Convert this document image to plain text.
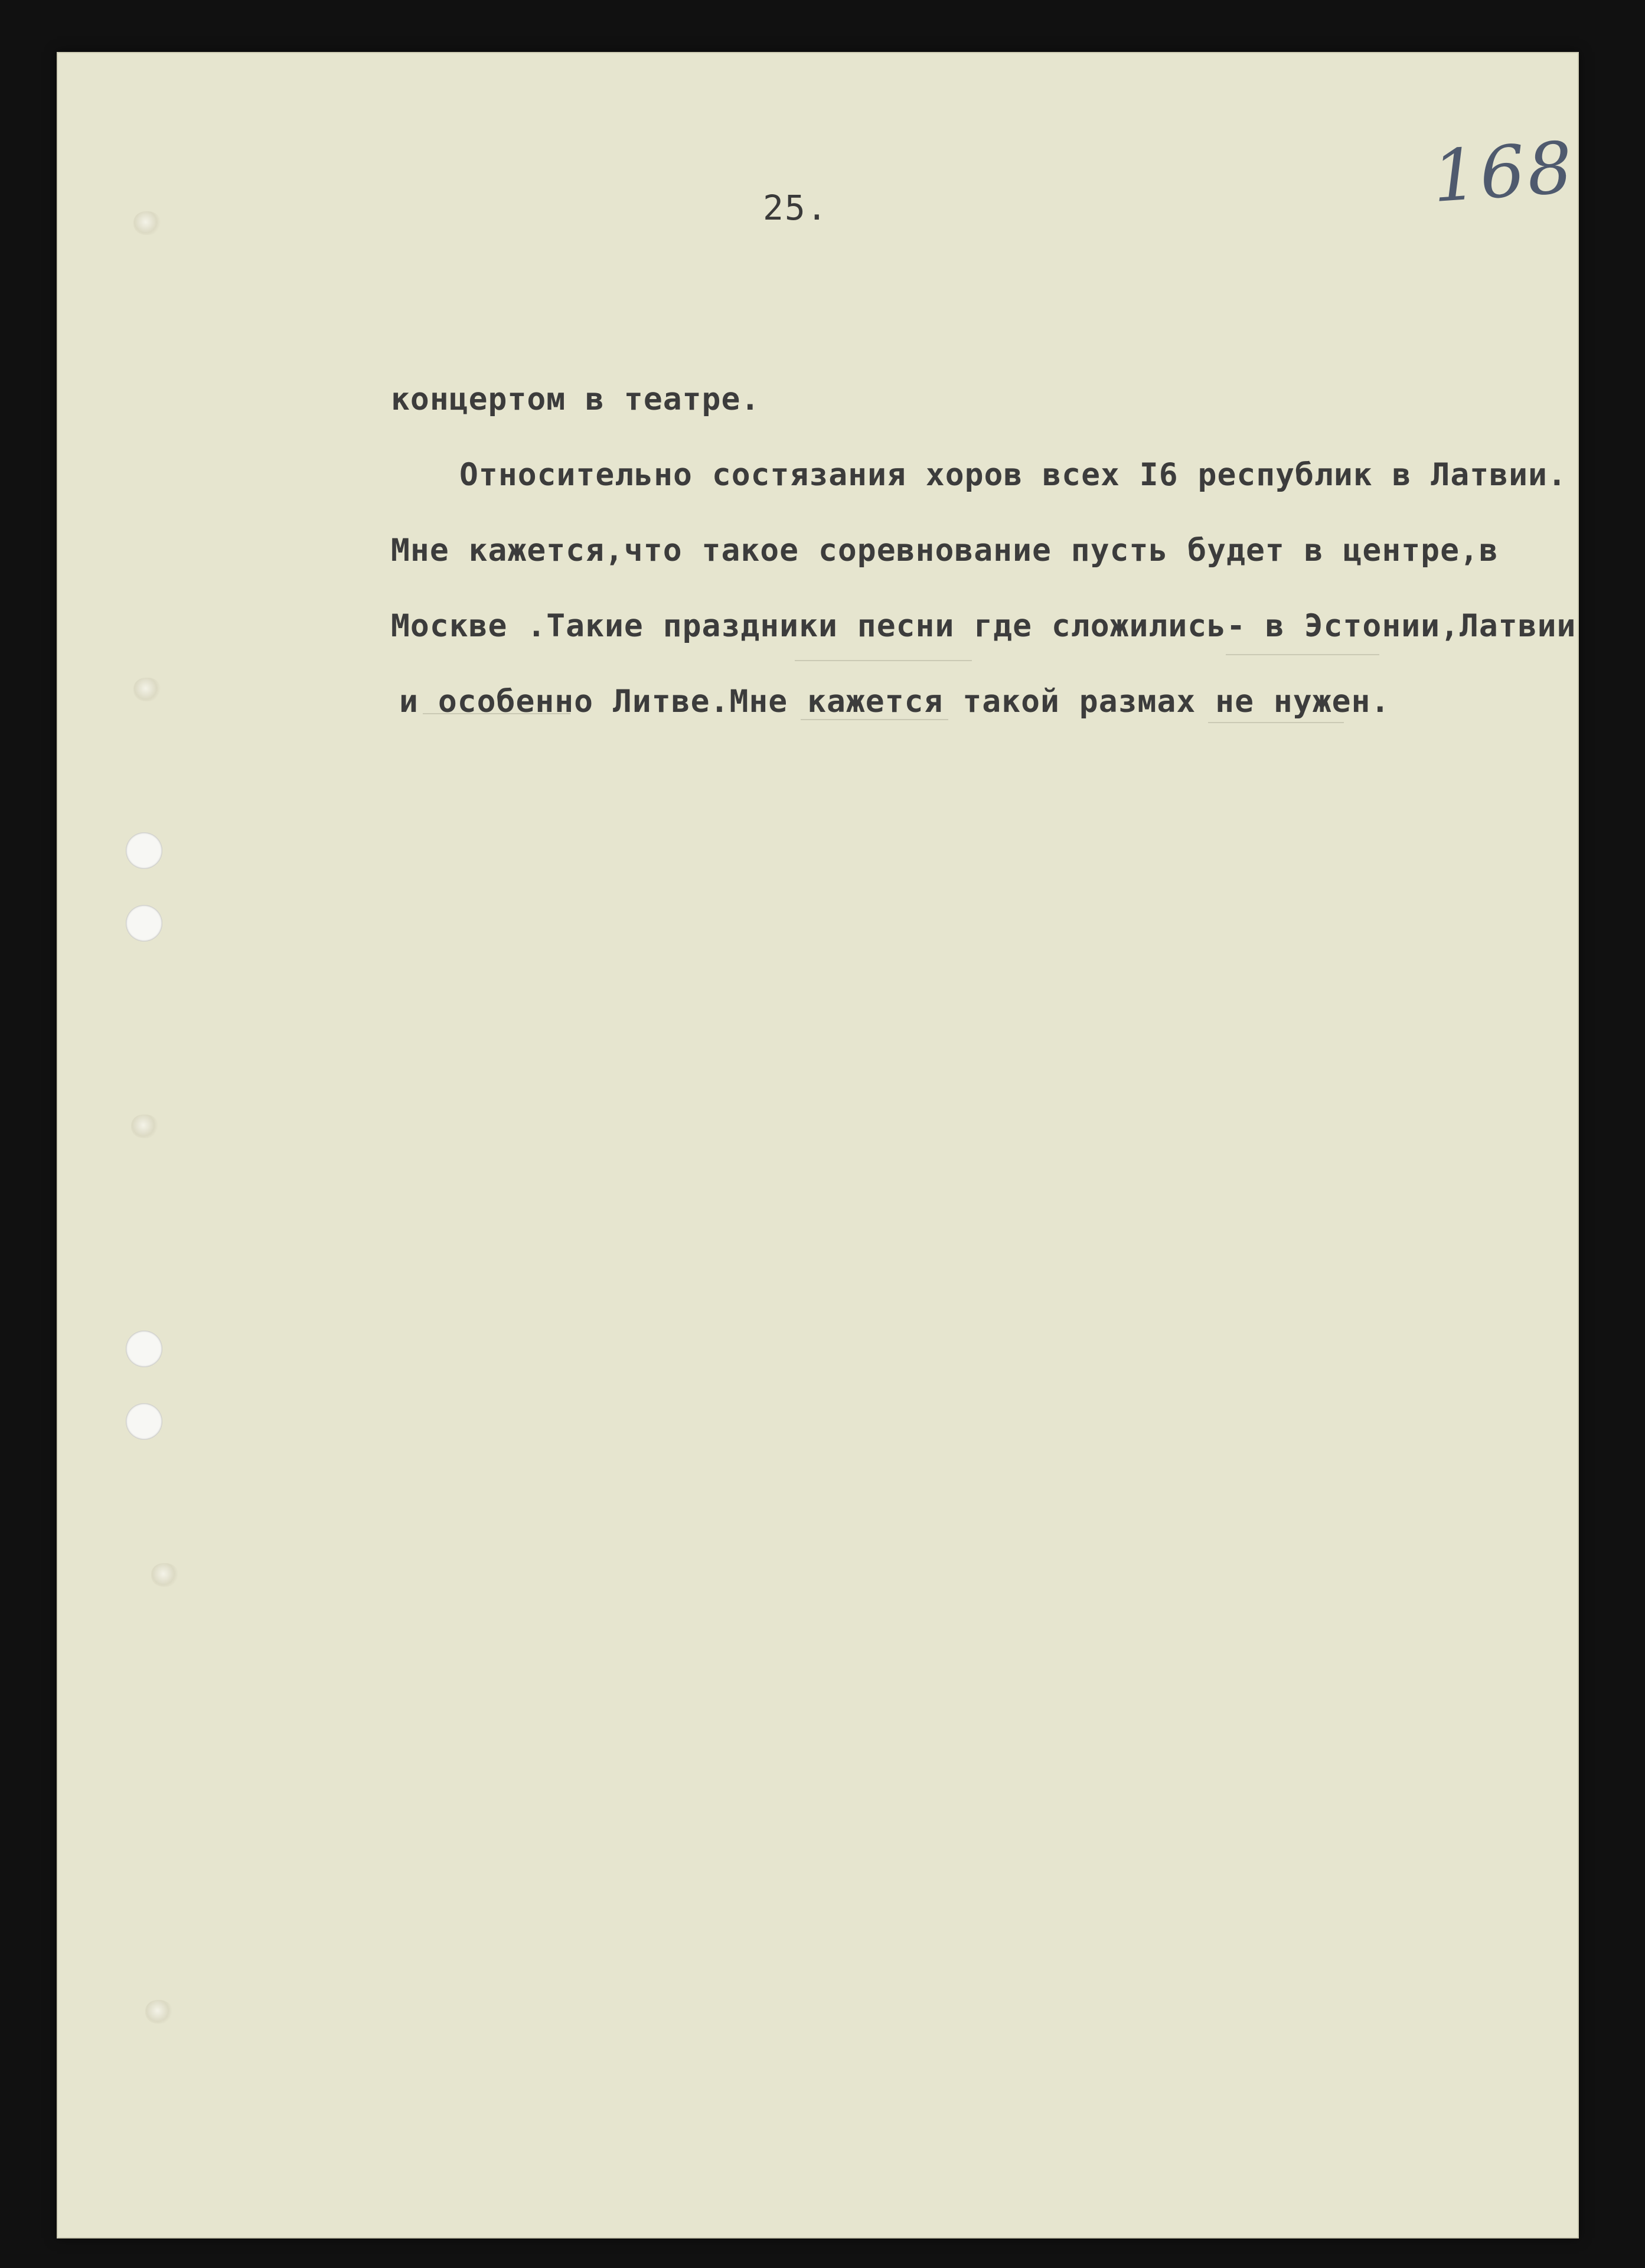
168
25.
концертом в театре.
Относительно состязания хоров всех I6 республик в Латвии.
Мне кажется,что такое соревнование пусть будет в центре,в
Москве .Такие праздники песни где сложились- в Эстонии,Латвии
и особенно Литве.Мне кажется такой размах не нужен.
